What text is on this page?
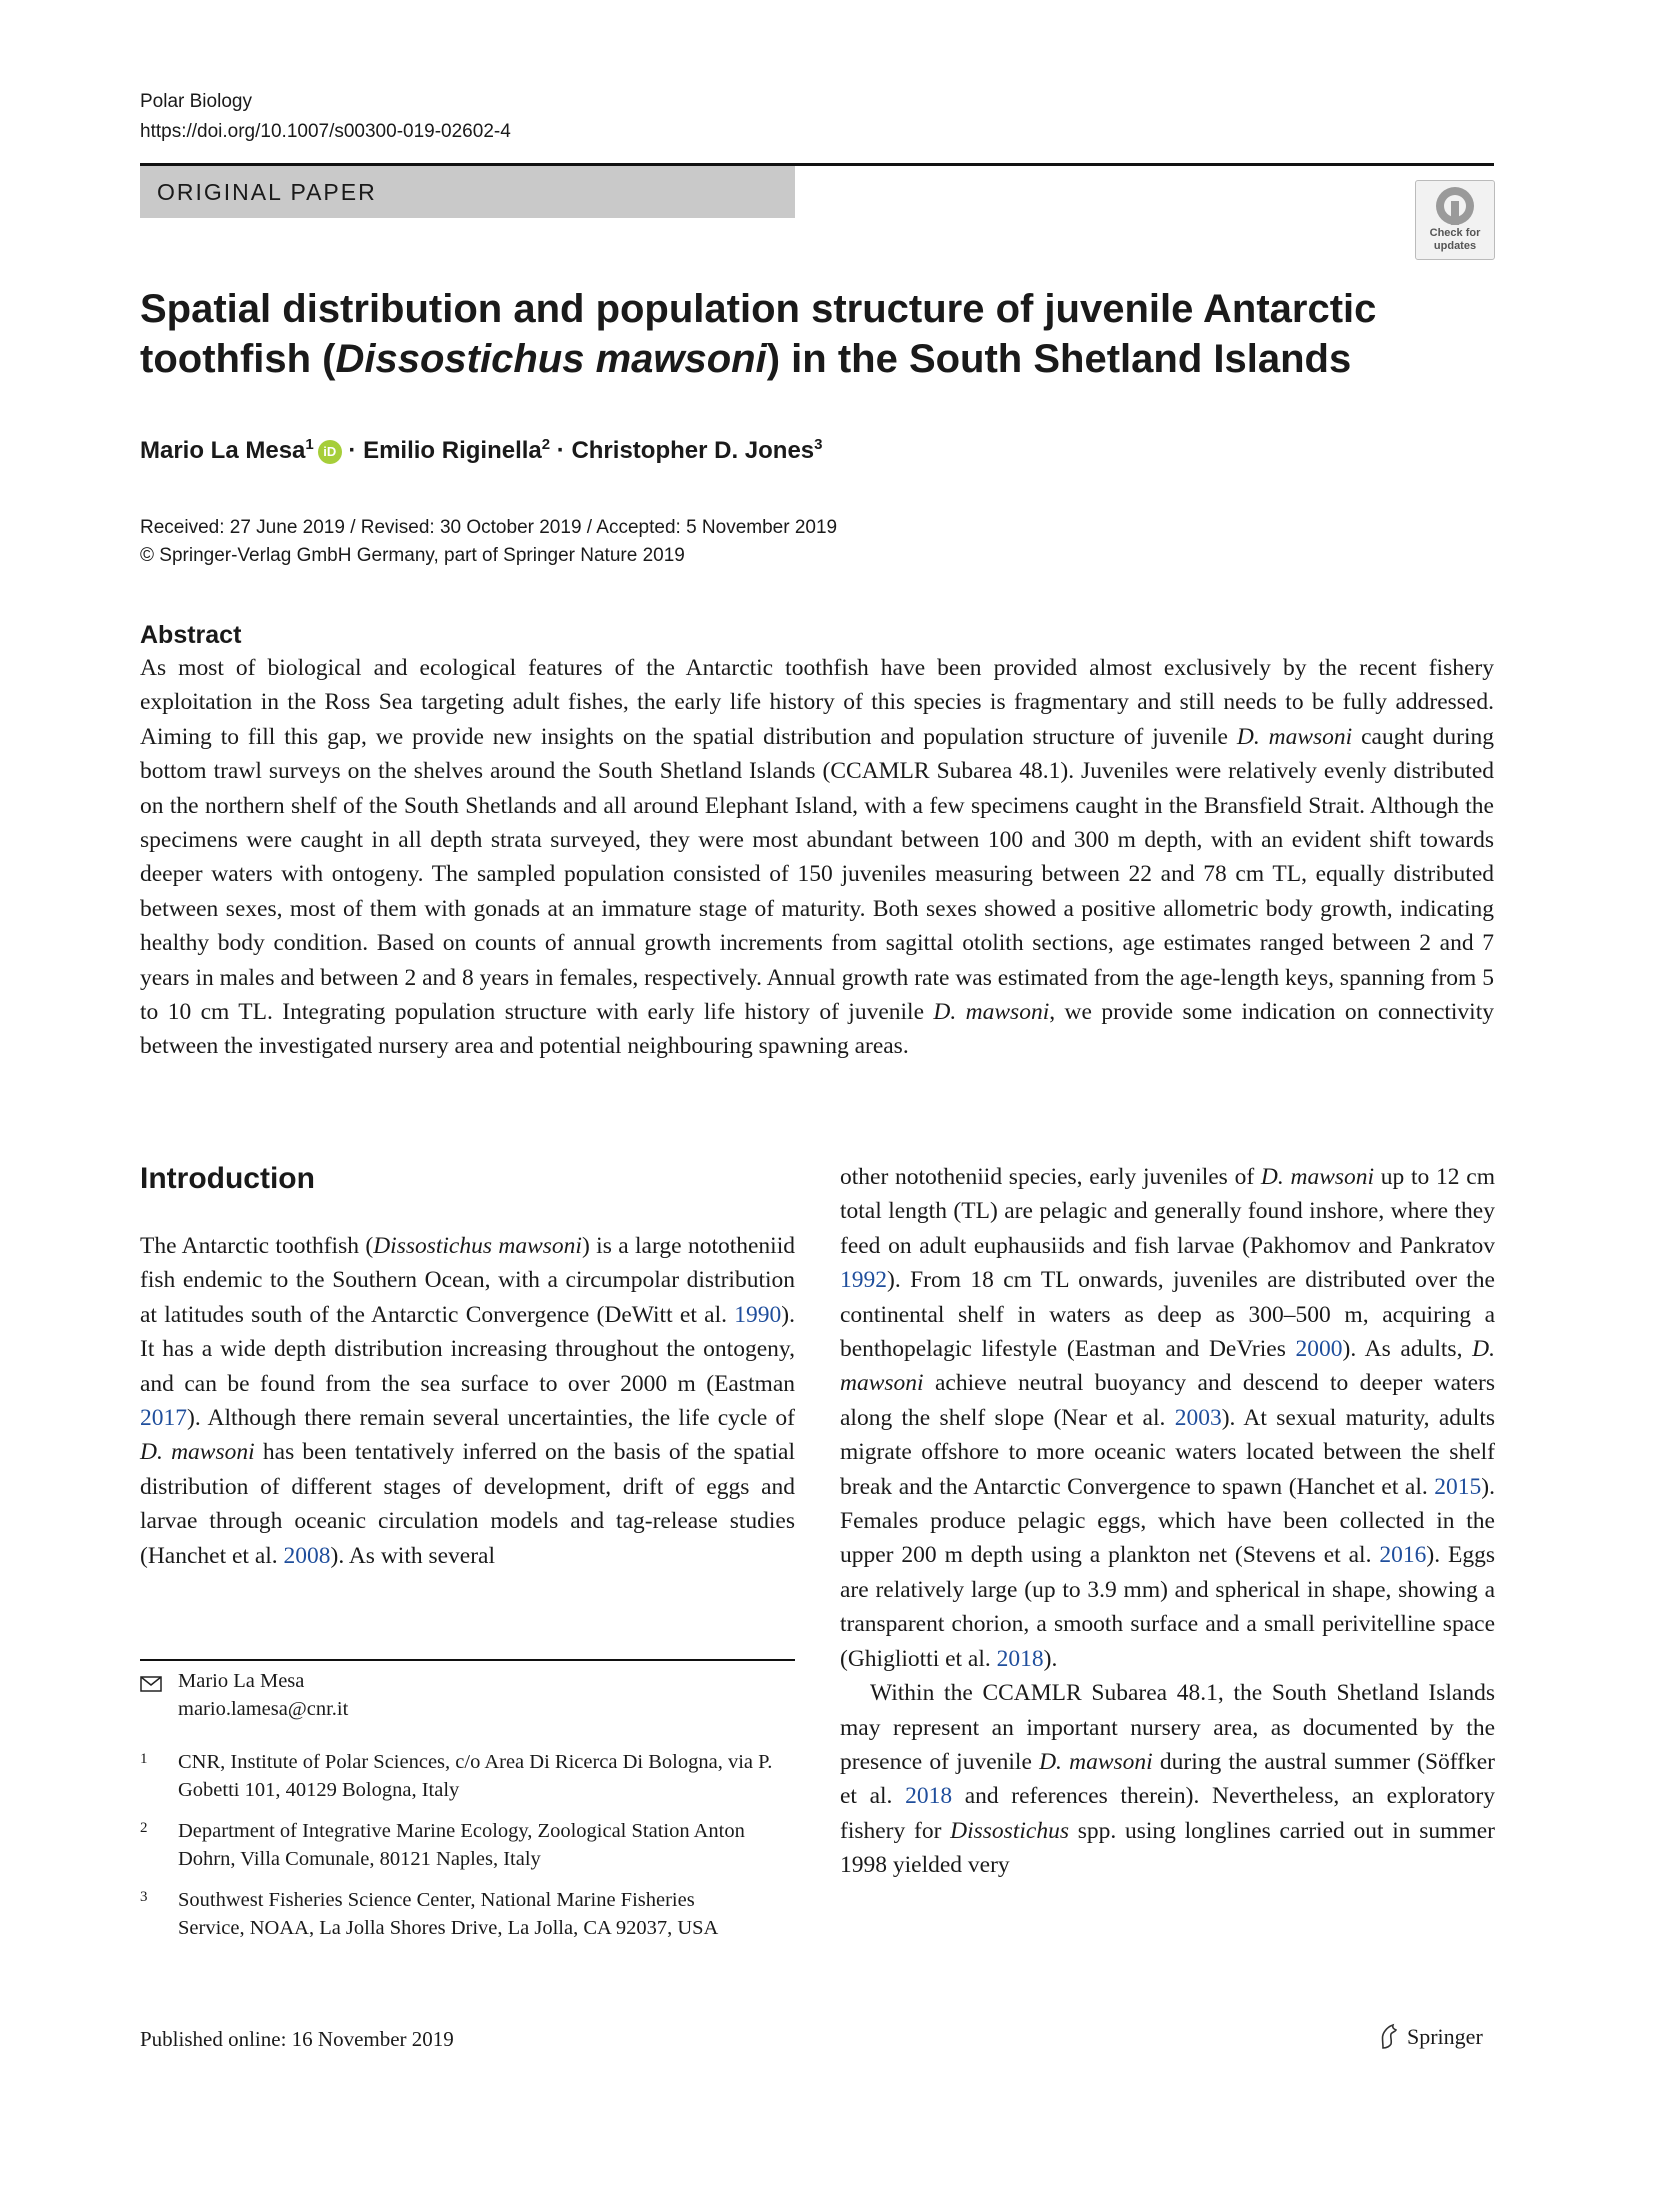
Polar Biology
https://doi.org/10.1007/s00300-019-02602-4
ORIGINAL PAPER
Check for updates
Spatial distribution and population structure of juvenile Antarctic toothfish (Dissostichus mawsoni) in the South Shetland Islands
Mario La Mesa$^1$ iD · Emilio Riginella$^2$ · Christopher D. Jones$^3$
Received: 27 June 2019 / Revised: 30 October 2019 / Accepted: 5 November 2019
© Springer-Verlag GmbH Germany, part of Springer Nature 2019
Abstract
As most of biological and ecological features of the Antarctic toothfish have been provided almost exclusively by the recent fishery exploitation in the Ross Sea targeting adult fishes, the early life history of this species is fragmentary and still needs to be fully addressed. Aiming to fill this gap, we provide new insights on the spatial distribution and population structure of juvenile D. mawsoni caught during bottom trawl surveys on the shelves around the South Shetland Islands (CCAMLR Subarea 48.1). Juveniles were relatively evenly distributed on the northern shelf of the South Shetlands and all around Elephant Island, with a few specimens caught in the Bransfield Strait. Although the specimens were caught in all depth strata surveyed, they were most abundant between 100 and 300 m depth, with an evident shift towards deeper waters with ontogeny. The sampled population consisted of 150 juveniles measuring between 22 and 78 cm TL, equally distributed between sexes, most of them with gonads at an immature stage of maturity. Both sexes showed a positive allometric body growth, indicating healthy body condition. Based on counts of annual growth increments from sagittal otolith sections, age estimates ranged between 2 and 7 years in males and between 2 and 8 years in females, respectively. Annual growth rate was estimated from the age-length keys, spanning from 5 to 10 cm TL. Integrating population structure with early life history of juvenile D. mawsoni, we provide some indication on connectivity between the investigated nursery area and potential neighbouring spawning areas.
Introduction
The Antarctic toothfish (Dissostichus mawsoni) is a large nototheniid fish endemic to the Southern Ocean, with a circumpolar distribution at latitudes south of the Antarctic Convergence (DeWitt et al. 1990). It has a wide depth distribution increasing throughout the ontogeny, and can be found from the sea surface to over 2000 m (Eastman 2017). Although there remain several uncertainties, the life cycle of D. mawsoni has been tentatively inferred on the basis of the spatial distribution of different stages of development, drift of eggs and larvae through oceanic circulation models and tag-release studies (Hanchet et al. 2008). As with several
other nototheniid species, early juveniles of D. mawsoni up to 12 cm total length (TL) are pelagic and generally found inshore, where they feed on adult euphausiids and fish larvae (Pakhomov and Pankratov 1992). From 18 cm TL onwards, juveniles are distributed over the continental shelf in waters as deep as 300–500 m, acquiring a benthopelagic lifestyle (Eastman and DeVries 2000). As adults, D. mawsoni achieve neutral buoyancy and descend to deeper waters along the shelf slope (Near et al. 2003). At sexual maturity, adults migrate offshore to more oceanic waters located between the shelf break and the Antarctic Convergence to spawn (Hanchet et al. 2015). Females produce pelagic eggs, which have been collected in the upper 200 m depth using a plankton net (Stevens et al. 2016). Eggs are relatively large (up to 3.9 mm) and spherical in shape, showing a transparent chorion, a smooth surface and a small perivitelline space (Ghigliotti et al. 2018).
Within the CCAMLR Subarea 48.1, the South Shetland Islands may represent an important nursery area, as documented by the presence of juvenile D. mawsoni during the austral summer (Söffker et al. 2018 and references therein). Nevertheless, an exploratory fishery for Dissostichus spp. using longlines carried out in summer 1998 yielded very
Mario La Mesa
mario.lamesa@cnr.it
1 CNR, Institute of Polar Sciences, c/o Area Di Ricerca Di Bologna, via P. Gobetti 101, 40129 Bologna, Italy
2 Department of Integrative Marine Ecology, Zoological Station Anton Dohrn, Villa Comunale, 80121 Naples, Italy
3 Southwest Fisheries Science Center, National Marine Fisheries Service, NOAA, La Jolla Shores Drive, La Jolla, CA 92037, USA
Published online: 16 November 2019	Springer
